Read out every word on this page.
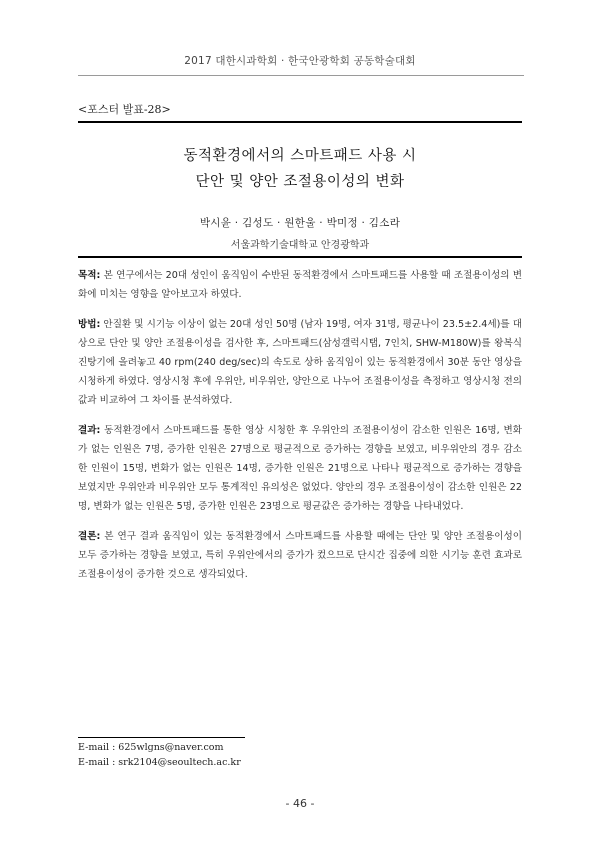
2017 대한시과학회 · 한국안광학회 공동학술대회
<포스터 발표-28>
동적환경에서의 스마트패드 사용 시
단안 및 양안 조절용이성의 변화
박시윤 · 김성도 · 원한울 · 박미정 · 김소라
서울과학기술대학교 안경광학과

목적: 본 연구에서는 20대 성인이 움직임이 수반된 동적환경에서 스마트패드를 사용할 때 조절용이성의 변화에 미치는 영향을 알아보고자 하였다.

방법: 안질환 및 시기능 이상이 없는 20대 성인 50명 (남자 19명, 여자 31명, 평균나이 23.5±2.4세)를 대상으로 단안 및 양안 조절용이성을 검사한 후, 스마트패드(삼성갤럭시탭, 7인치, SHW-M180W)를 왕복식 진탕기에 올려놓고 40 rpm(240 deg/sec)의 속도로 상하 움직임이 있는 동적환경에서 30분 동안 영상을 시청하게 하였다. 영상시청 후에 우위안, 비우위안, 양안으로 나누어 조절용이성을 측정하고 영상시청 전의 값과 비교하여 그 차이를 분석하였다.

결과: 동적환경에서 스마트패드를 통한 영상 시청한 후 우위안의 조절용이성이 감소한 인원은 16명, 변화가 없는 인원은 7명, 증가한 인원은 27명으로 평균적으로 증가하는 경향을 보였고, 비우위안의 경우 감소한 인원이 15명, 변화가 없는 인원은 14명, 증가한 인원은 21명으로 나타나 평균적으로 증가하는 경향을 보였지만 우위안과 비우위안 모두 통계적인 유의성은 없었다. 양안의 경우 조절용이성이 감소한 인원은 22명, 변화가 없는 인원은 5명, 증가한 인원은 23명으로 평균값은 증가하는 경향을 나타내었다.

결론: 본 연구 결과 움직임이 있는 동적환경에서 스마트패드를 사용할 때에는 단안 및 양안 조절용이성이 모두 증가하는 경향을 보였고, 특히 우위안에서의 증가가 컸으므로 단시간 집중에 의한 시기능 훈련 효과로 조절용이성이 증가한 것으로 생각되었다.

E-mail : 625wlgns@naver.com
E-mail : srk2104@seoultech.ac.kr
- 46 -
